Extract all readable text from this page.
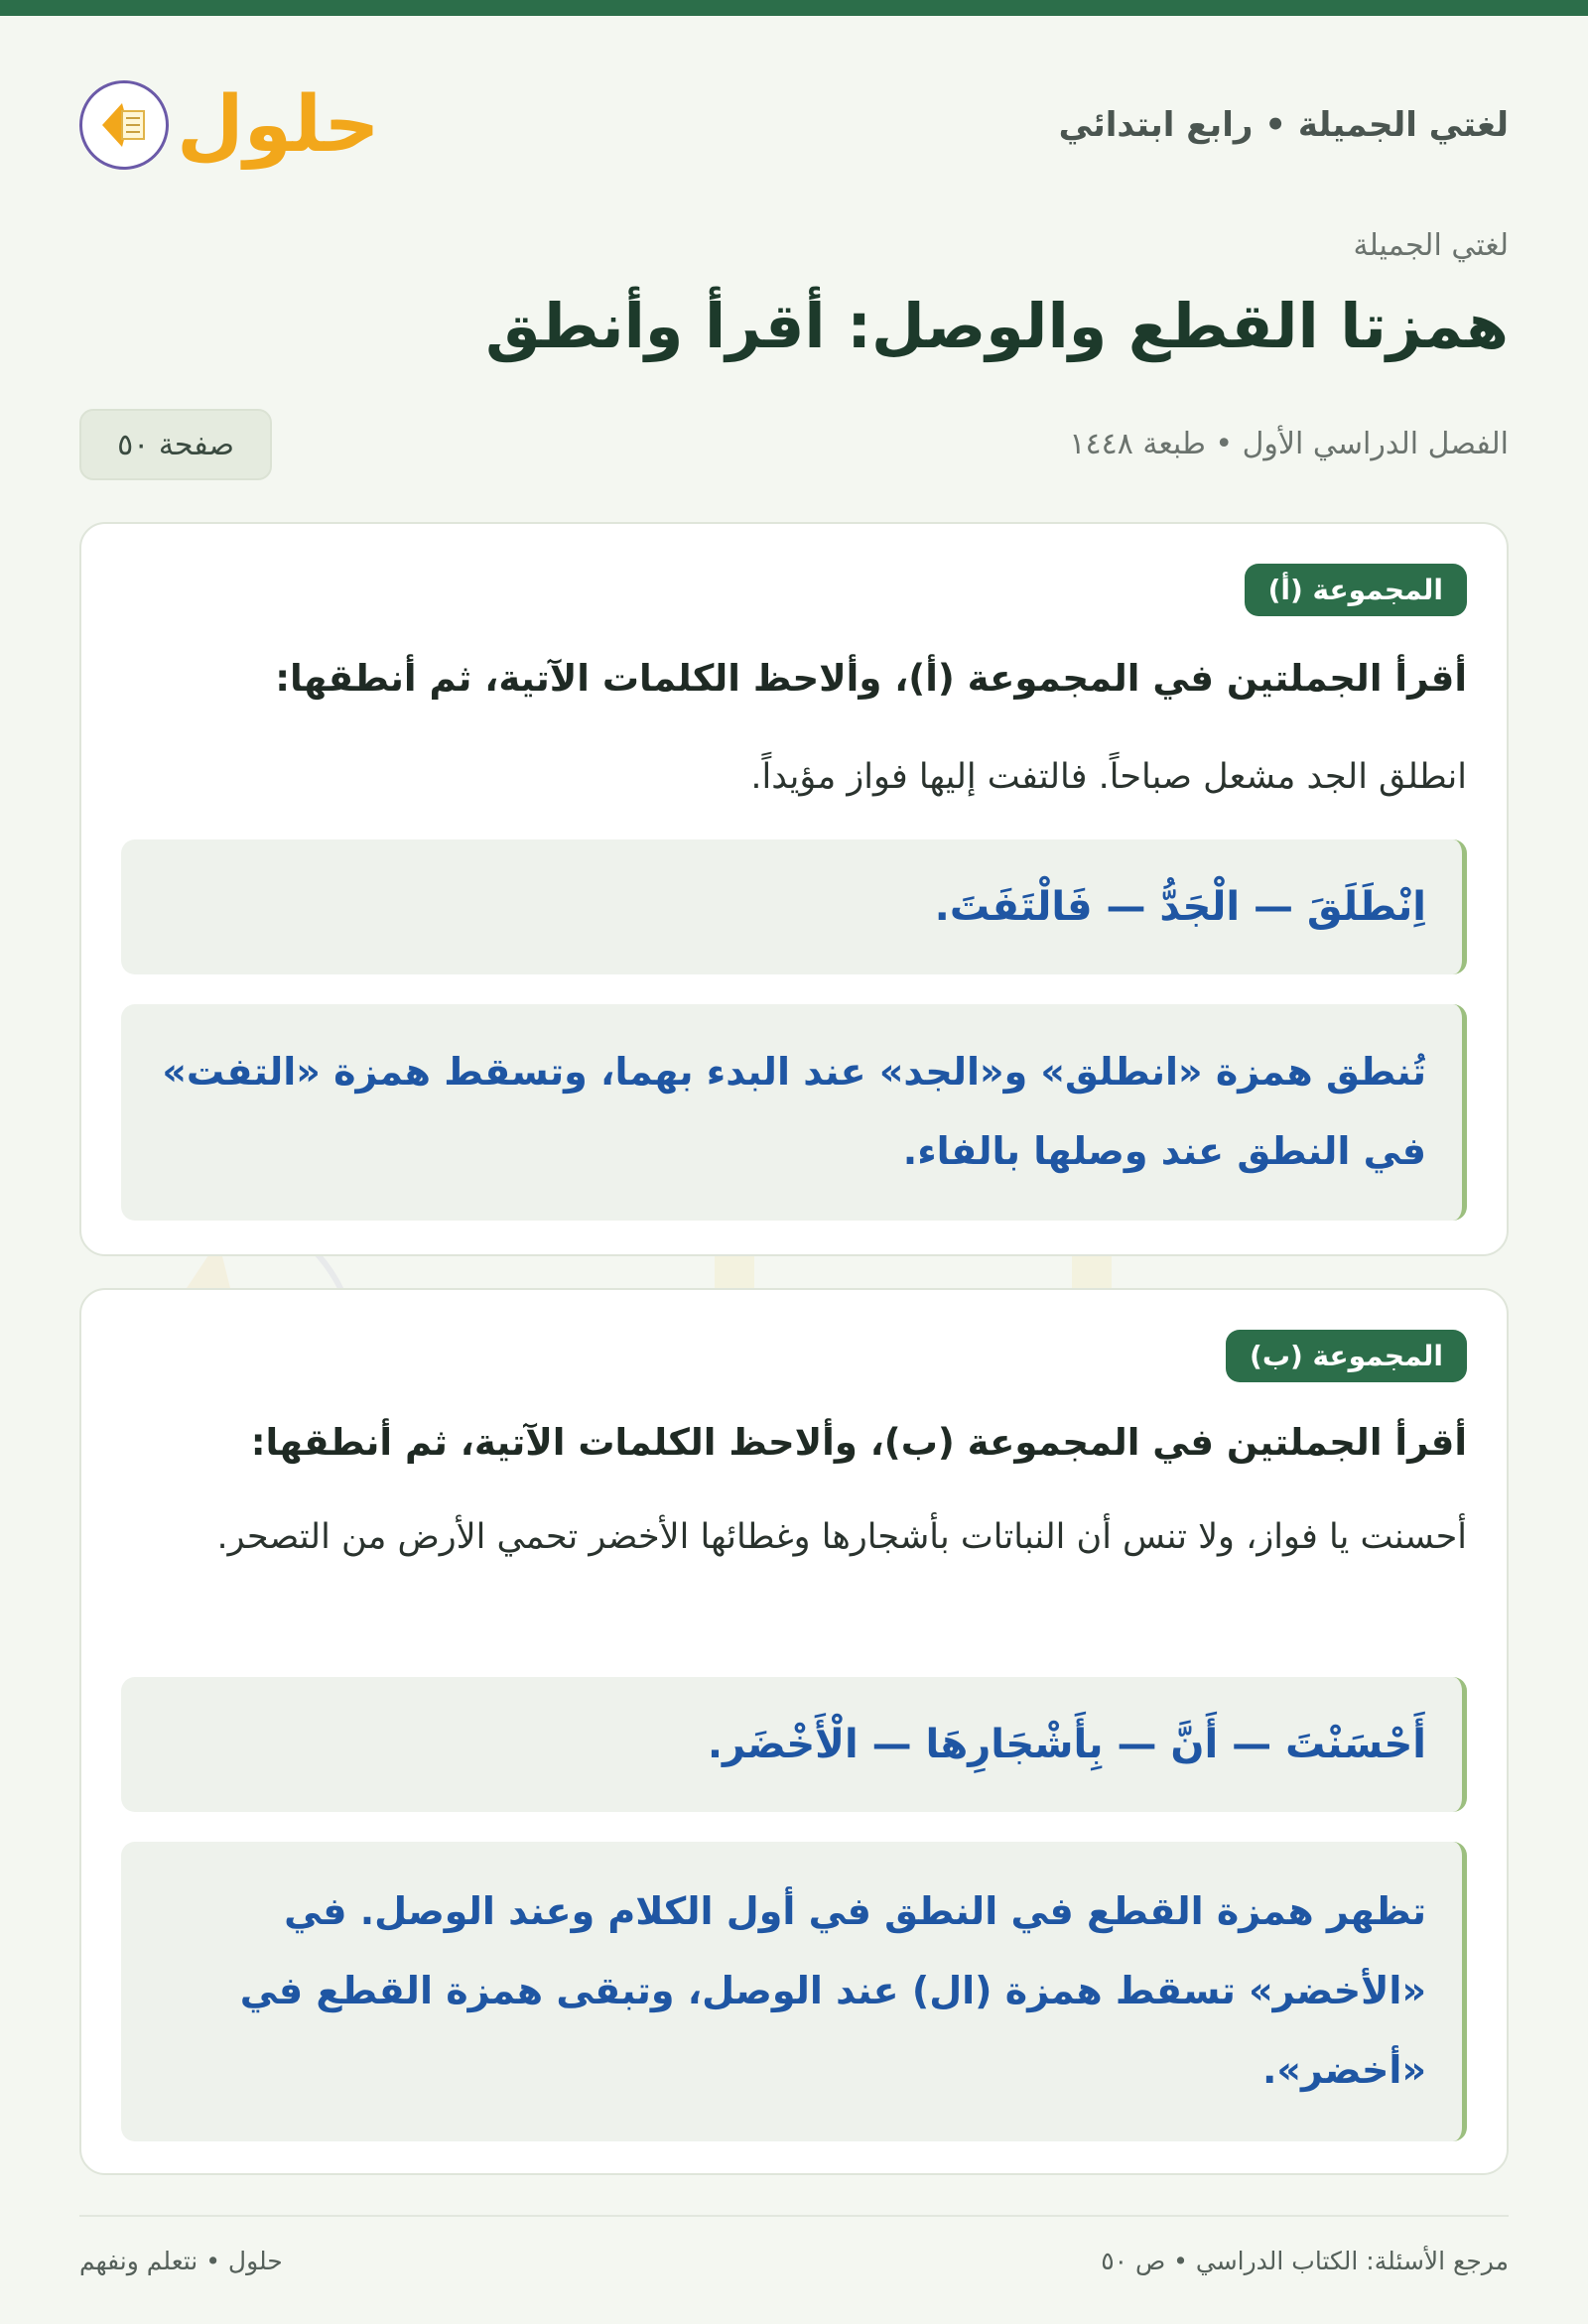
لغتي الجميلة • رابع ابتدائي
حلول
لغتي الجميلة
همزتا القطع والوصل: أقرأ وأنطق
الفصل الدراسي الأول • طبعة ١٤٤٨
صفحة ٥٠
المجموعة (أ)
أقرأ الجملتين في المجموعة (أ)، وألاحظ الكلمات الآتية، ثم أنطقها:
انطلق الجد مشعل صباحاً. فالتفت إليها فواز مؤيداً.
اِنْطَلَقَ — الْجَدُّ — فَالْتَفَتَ.
تُنطق همزة «انطلق» و«الجد» عند البدء بهما، وتسقط همزة «التفت» في النطق عند وصلها بالفاء.
المجموعة (ب)
أقرأ الجملتين في المجموعة (ب)، وألاحظ الكلمات الآتية، ثم أنطقها:
أحسنت يا فواز، ولا تنس أن النباتات بأشجارها وغطائها الأخضر تحمي الأرض من التصحر.
أَحْسَنْتَ — أَنَّ — بِأَشْجَارِهَا — الْأَخْضَر.
تظهر همزة القطع في النطق في أول الكلام وعند الوصل. في «الأخضر» تسقط همزة (ال) عند الوصل، وتبقى همزة القطع في «أخضر».
مرجع الأسئلة: الكتاب الدراسي • ص ٥٠
حلول • نتعلم ونفهم
